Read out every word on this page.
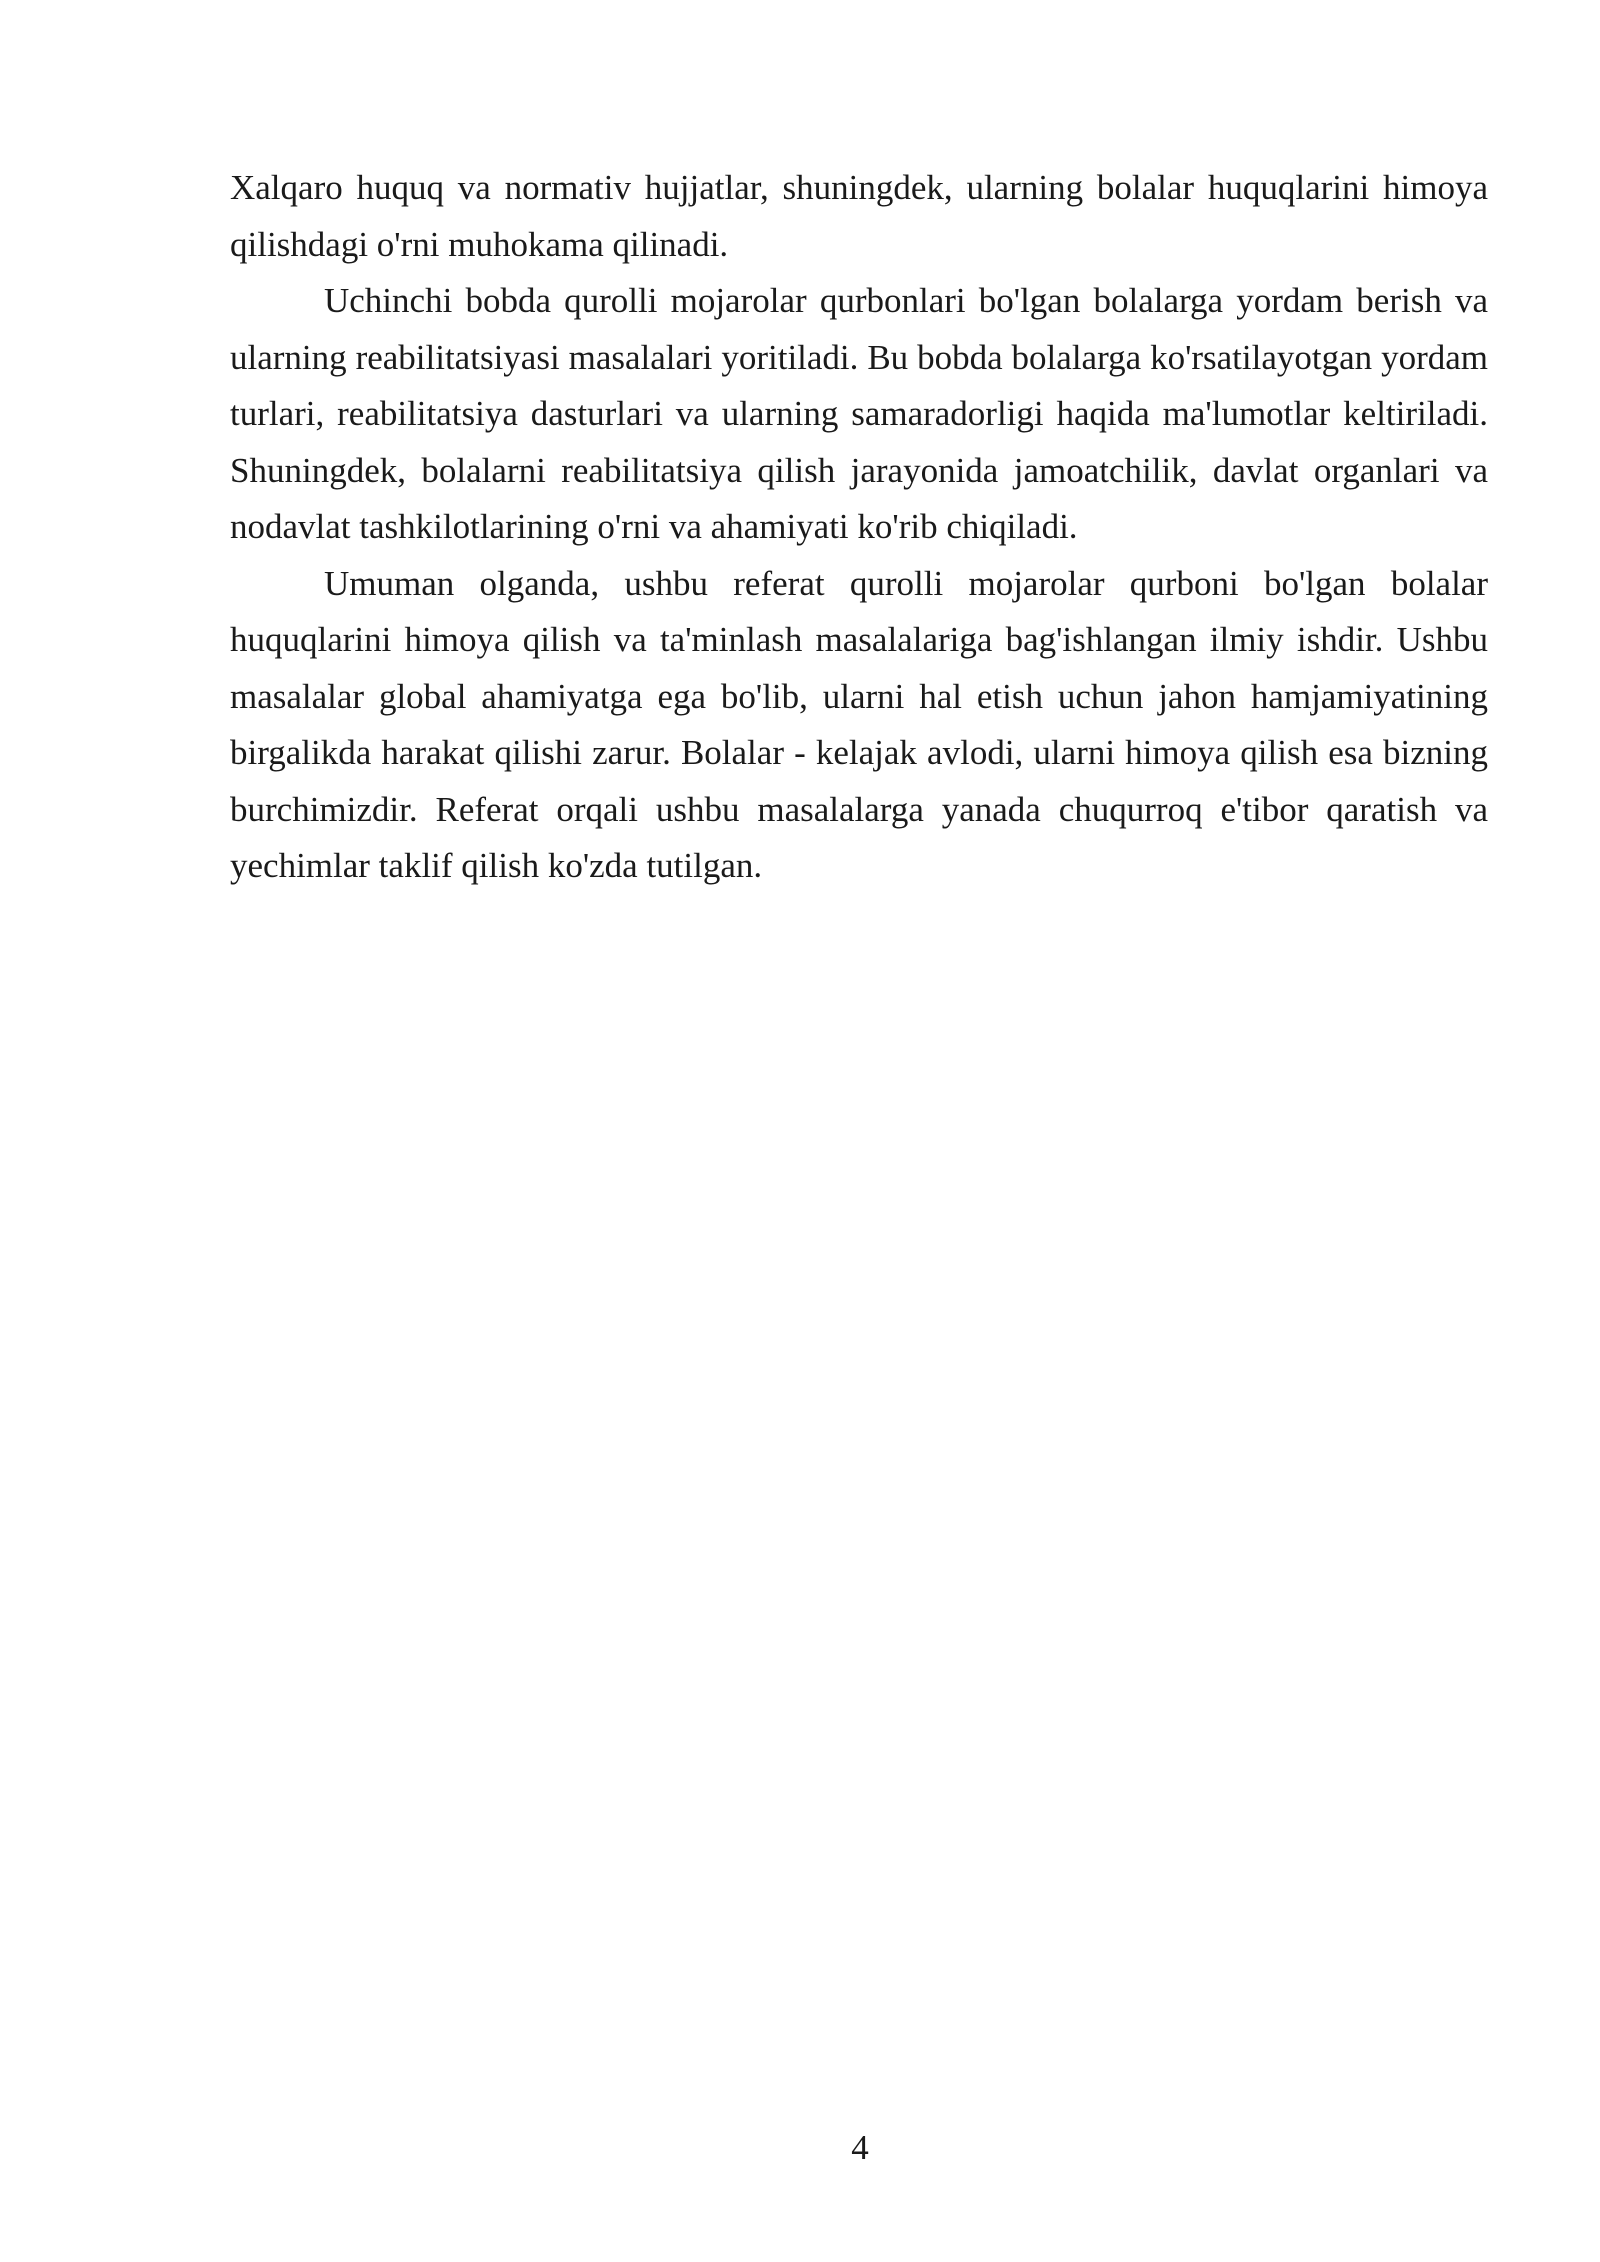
Xalqaro huquq va normativ hujjatlar, shuningdek, ularning bolalar huquqlarini himoya qilishdagi o'rni muhokama qilinadi.

Uchinchi bobda qurolli mojarolar qurbonlari bo'lgan bolalarga yordam berish va ularning reabilitatsiyasi masalalari yoritiladi. Bu bobda bolalarga ko'rsatilayotgan yordam turlari, reabilitatsiya dasturlari va ularning samaradorligi haqida ma'lumotlar keltiriladi. Shuningdek, bolalarni reabilitatsiya qilish jarayonida jamoatchilik, davlat organlari va nodavlat tashkilotlarining o'rni va ahamiyati ko'rib chiqiladi.

Umuman olganda, ushbu referat qurolli mojarolar qurboni bo'lgan bolalar huquqlarini himoya qilish va ta'minlash masalalariga bag'ishlangan ilmiy ishdir. Ushbu masalalar global ahamiyatga ega bo'lib, ularni hal etish uchun jahon hamjamiyatining birgalikda harakat qilishi zarur. Bolalar - kelajak avlodi, ularni himoya qilish esa bizning burchimizdir. Referat orqali ushbu masalalarga yanada chuqurroq e'tibor qaratish va yechimlar taklif qilish ko'zda tutilgan.

4
